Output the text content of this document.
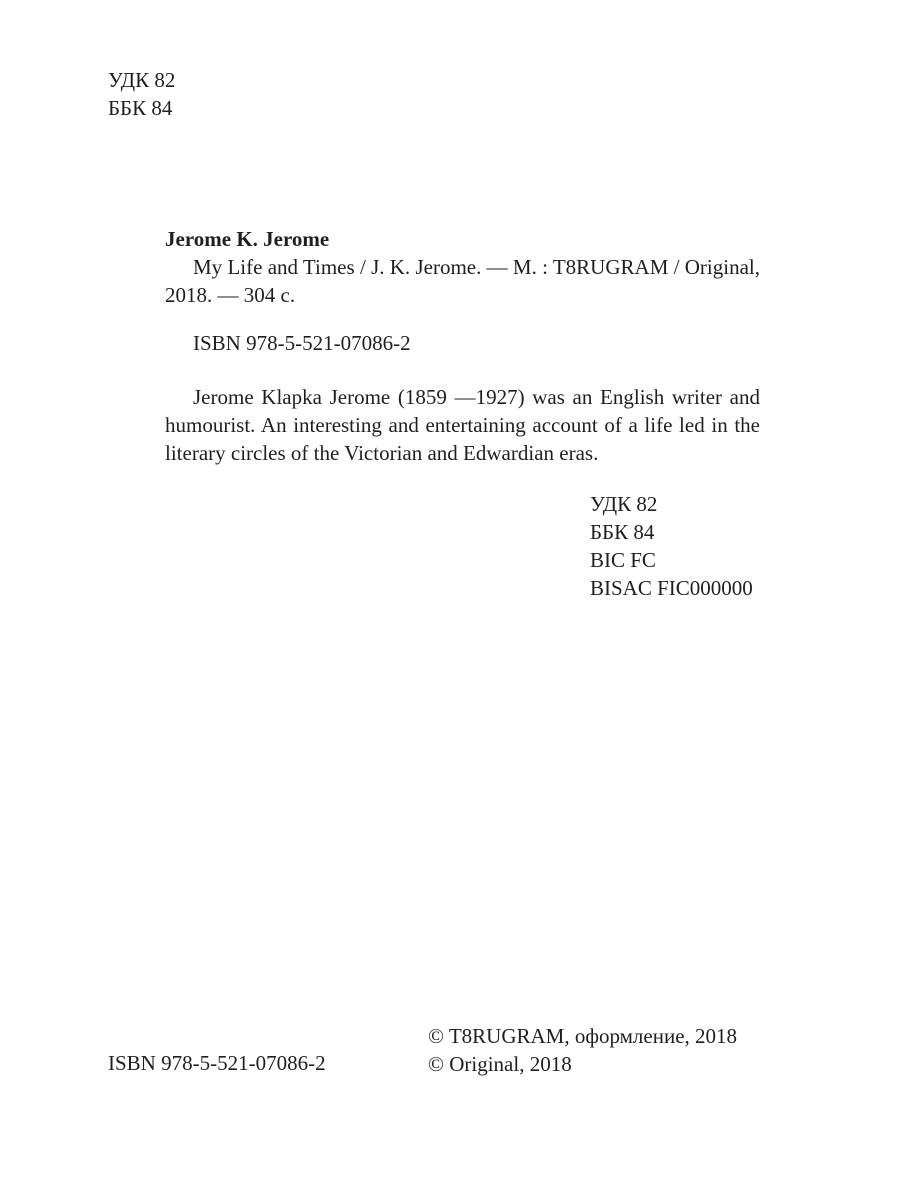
УДК 82
ББК 84
Jerome K. Jerome
My Life and Times / J. K. Jerome. — M. : T8RUGRAM / Original, 2018. — 304 c.
ISBN 978-5-521-07086-2
Jerome Klapka Jerome (1859 —1927) was an English writer and humourist. An interesting and entertaining account of a life led in the literary circles of the Victorian and Edwardian eras.
УДК 82
ББК 84
BIC FC
BISAC FIC000000
ISBN 978-5-521-07086-2
© T8RUGRAM, оформление, 2018
© Original, 2018
